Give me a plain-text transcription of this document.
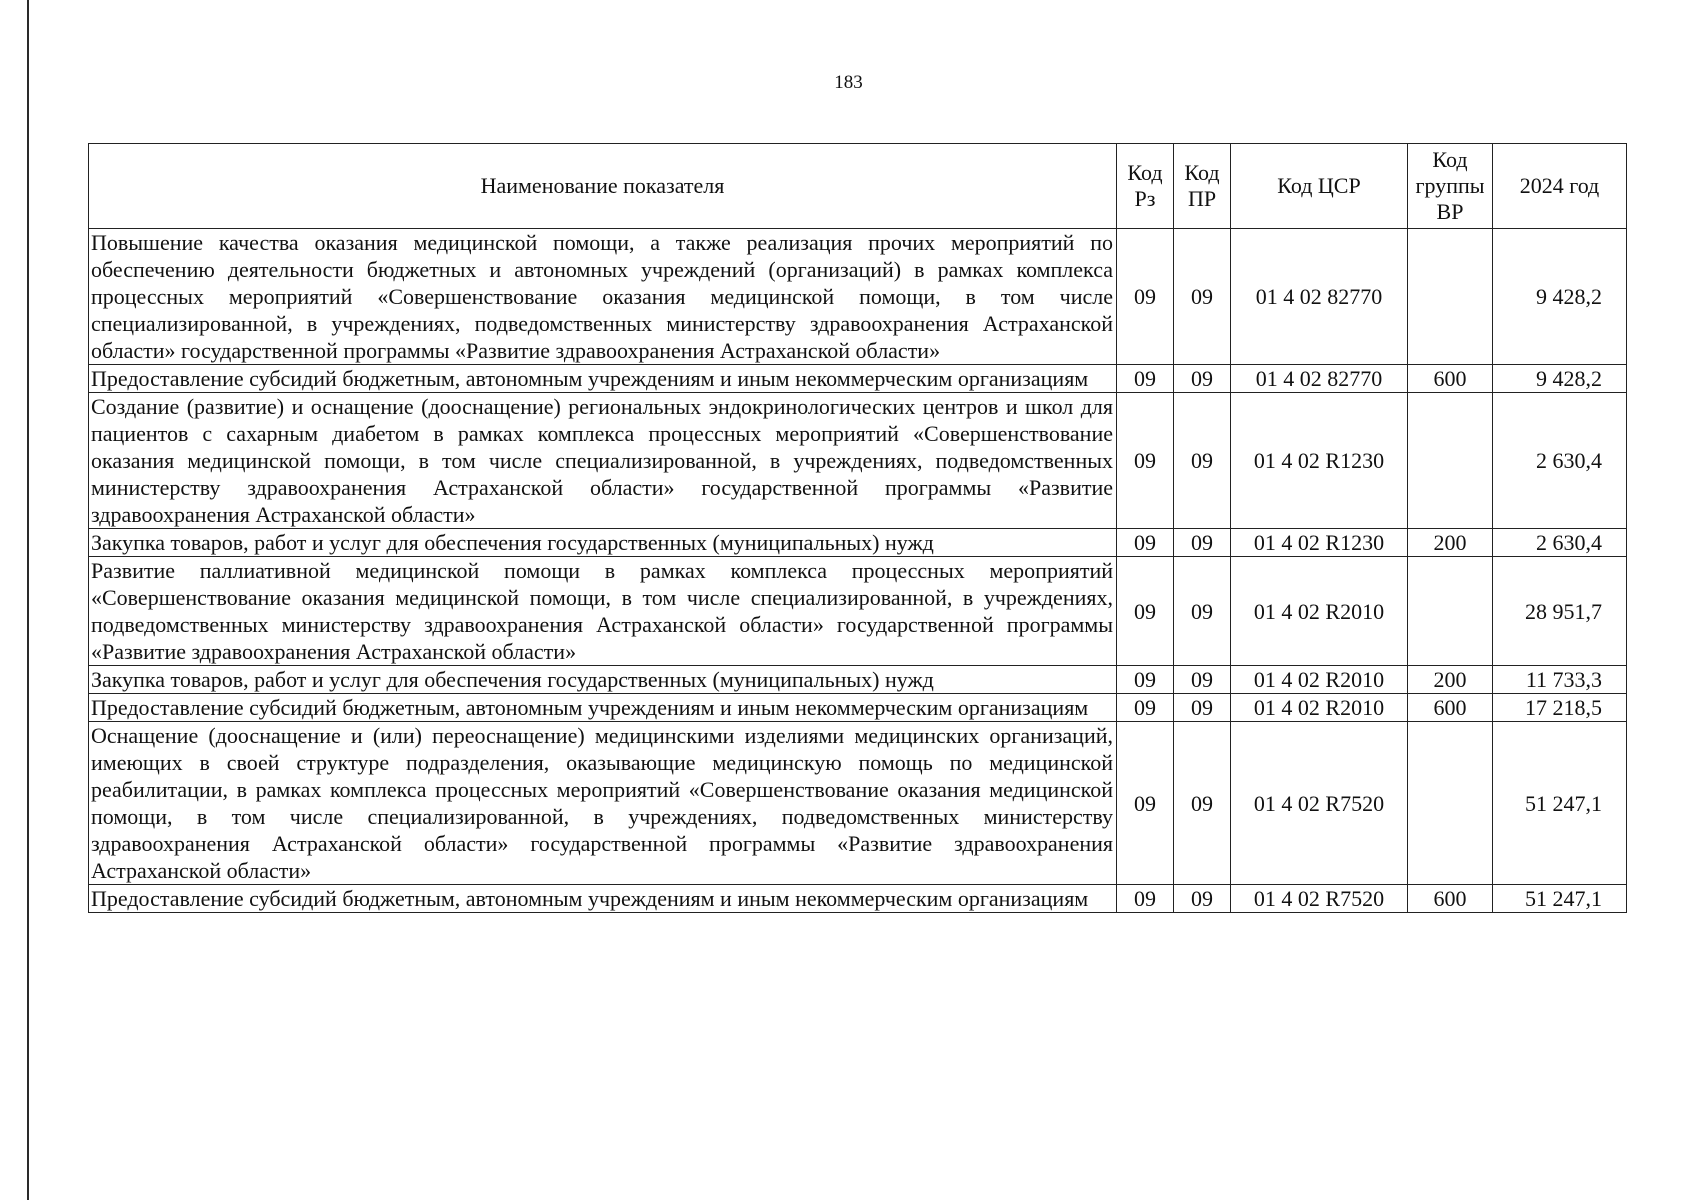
183
Наименование показателя	Код Рз	Код ПР	Код ЦСР	Код группы ВР	2024 год
Повышение качества оказания медицинской помощи, а также реализация прочих мероприятий по обеспечению деятельности бюджетных и автономных учреждений (организаций) в рамках комплекса процессных мероприятий «Совершенствование оказания медицинской помощи, в том числе специализированной, в учреждениях, подведомственных министерству здравоохранения Астраханской области» государственной программы «Развитие здравоохранения Астраханской области»	09	09	01 4 02 82770		9 428,2
Предоставление субсидий бюджетным, автономным учреждениям и иным некоммерческим организациям	09	09	01 4 02 82770	600	9 428,2
Создание (развитие) и оснащение (дооснащение) региональных эндокринологических центров и школ для пациентов с сахарным диабетом в рамках комплекса процессных мероприятий «Совершенствование оказания медицинской помощи, в том числе специализированной, в учреждениях, подведомственных министерству здравоохранения Астраханской области» государственной программы «Развитие здравоохранения Астраханской области»	09	09	01 4 02 R1230		2 630,4
Закупка товаров, работ и услуг для обеспечения государственных (муниципальных) нужд	09	09	01 4 02 R1230	200	2 630,4
Развитие паллиативной медицинской помощи в рамках комплекса процессных мероприятий «Совершенствование оказания медицинской помощи, в том числе специализированной, в учреждениях, подведомственных министерству здравоохранения Астраханской области» государственной программы «Развитие здравоохранения Астраханской области»	09	09	01 4 02 R2010		28 951,7
Закупка товаров, работ и услуг для обеспечения государственных (муниципальных) нужд	09	09	01 4 02 R2010	200	11 733,3
Предоставление субсидий бюджетным, автономным учреждениям и иным некоммерческим организациям	09	09	01 4 02 R2010	600	17 218,5
Оснащение (дооснащение и (или) переоснащение) медицинскими изделиями медицинских организаций, имеющих в своей структуре подразделения, оказывающие медицинскую помощь по медицинской реабилитации, в рамках комплекса процессных мероприятий «Совершенствование оказания медицинской помощи, в том числе специализированной, в учреждениях, подведомственных министерству здравоохранения Астраханской области» государственной программы «Развитие здравоохранения Астраханской области»	09	09	01 4 02 R7520		51 247,1
Предоставление субсидий бюджетным, автономным учреждениям и иным некоммерческим организациям	09	09	01 4 02 R7520	600	51 247,1
